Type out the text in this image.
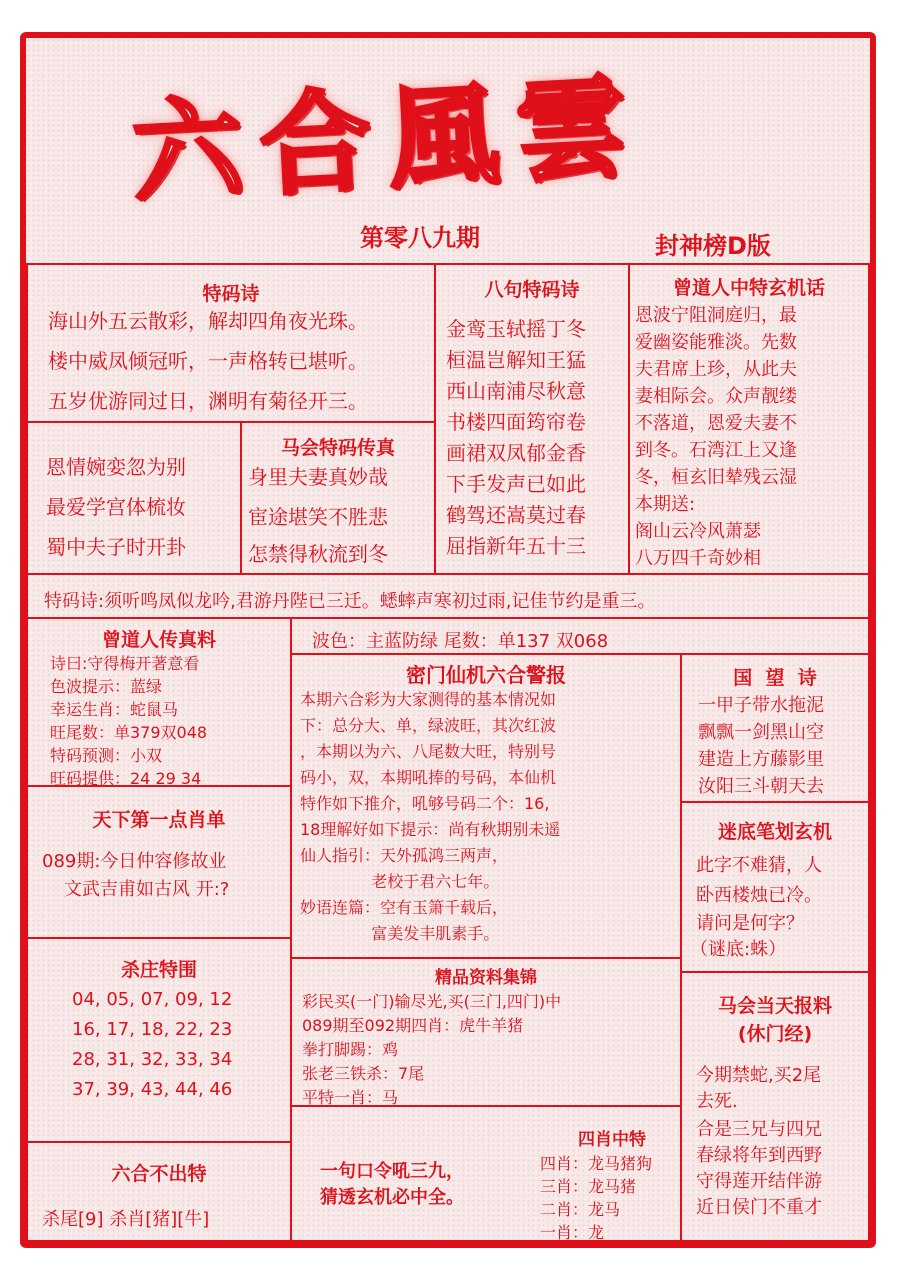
六合風雲
第零八九期	封神榜D版
特码诗
海山外五云散彩，解却四角夜光珠。
楼中威凤倾冠听，一声格转已堪听。
五岁优游同过日，渊明有菊径开三。
八句特码诗
金鸾玉轼摇丁冬
桓温岂解知王猛
西山南浦尽秋意
书楼四面筠帘卷
画裙双凤郁金香
下手发声已如此
鹤驾还嵩莫过春
屈指新年五十三
曾道人中特玄机话
恩波宁阻洞庭归，最
爱幽姿能雅淡。先数
夫君席上珍，从此夫
妻相际会。众声靓缕
不落道，恩爱夫妻不
到冬。石湾江上又逢
冬，桓玄旧辇残云湿
本期送:
阁山云冷风萧瑟
八万四千奇妙相
恩情婉娈忽为别
最爱学宫体梳妆
蜀中夫子时开卦
马会特码传真
身里夫妻真妙哉
宦途堪笑不胜悲
怎禁得秋流到冬
特码诗:须听鸣凤似龙吟,君游丹陛已三迁。蟋蟀声寒初过雨,记佳节约是重三。
曾道人传真料
诗曰:守得梅开著意看
色波提示：蓝绿
幸运生肖：蛇鼠马
旺尾数：单379双048
特码预测：小双
旺码提供：24 29 34
天下第一点肖单
089期:今日仲容修故业
文武吉甫如古风 开:?
杀庄特围
04, 05, 07, 09, 12
16, 17, 18, 22, 23
28, 31, 32, 33, 34
37, 39, 43, 44, 46
六合不出特
杀尾[9] 杀肖[猪][牛]
波色：主蓝防绿 尾数：单137 双068
密门仙机六合警报
本期六合彩为大家测得的基本情况如
下：总分大、单，绿波旺，其次红波
，本期以为六、八尾数大旺，特别号
码小，双，本期吼捧的号码，本仙机
特作如下推介，吼够号码二个：16,
18理解好如下提示：尚有秋期别未遥
仙人指引：天外孤鸿三两声，
老校于君六七年。
妙语连篇：空有玉箫千载后，
富美发丰肌素手。
精品资料集锦
彩民买(一门)输尽光,买(三门,四门)中
089期至092期四肖：虎牛羊猪
拳打脚踢：鸡
张老三铁杀：7尾
平特一肖：马
一句口令吼三九，
猜透玄机必中全。
四肖中特
四肖：龙马猪狗
三肖：龙马猪
二肖：龙马
一肖：龙
国  望  诗
一甲子带水拖泥
飘飘一剑黑山空
建造上方藤影里
汝阳三斗朝天去
迷底笔划玄机
此字不难猜，人
卧西楼烛已冷。
请问是何字？
（谜底:蛛）
马会当天报料
(休门经)
今期禁蛇,买2尾
去死.
合是三兄与四兄
春绿将年到西野
守得莲开结伴游
近日侯门不重才
